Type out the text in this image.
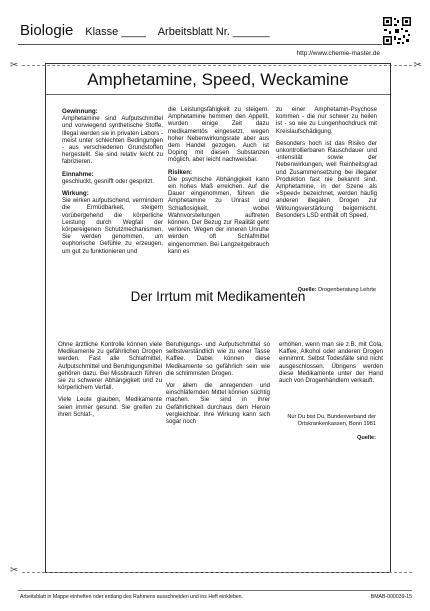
Biologie Klasse ____ Arbeitsblatt Nr. ______
http://www.chemie-master.de
✂	✂
Amphetamine, Speed, Weckamine
Gewinnung:

Amphetamine sind Aufputschmittel und vorwiegend synthetische Stoffe. Illegal werden sie in privaten Labors - meist unter schlechten Bedingungen - aus verschiedenen Grundstoffen hergestellt. Sie sind relativ leicht zu fabrizieren.

Einnahme:

geschluckt, gesnifft oder gespritzt.

Wirkung:

Sie wirken aufputschend, vermindern die Ermüdbarkeit, steigern vorübergehend die körperliche Leistung durch Wegfall der körpereigenen Schutzmechanismen. Sie werden genommen, um euphorische Gefühle zu erzeugen, um gut zu funktionieren und

die Leistungsfähigkeit zu steigern. Amphetamine hemmen den Appetit, wurden einige Zeit dazu medikamentös eingesetzt, wegen hoher Nebenwirkungsrate aber aus dem Handel gezogen. Auch ist Doping mit diesen Substanzen möglich, aber leicht nachweisbar.

Risiken:

Die psychische Abhängigkeit kann ein hohes Maß erreichen. Auf die Dauer eingenommen, führen die Amphetamine zu Unrast und Schlaflosigkeit, wobei Wahnvorstellungen auftreten können. Der Bezug zur Realität geht verloren. Wegen der inneren Unruhe werden oft Schlafmittel eingenommen. Bei Langzeitgebrauch kann es

zu einer Amphetamin-Psychose kommen - die nur schwer zu heilen ist - so wie zu Lungenhochdruck mit Kreislaufschädigung.

Besonders hoch ist das Risiko der unkontrollierbaren Rauschdauer und -intensität sowie der Nebenwirkungen, weil Reinheitsgrad und Zusammensetzung bei illegaler Produktion fast nie bekannt sind. Amphetamine, in der Szene als »Speed« bezeichnet, werden häufig anderen illegalen Drogen zur Wirkungsverstärkung beigemischt. Besonders LSD enthält oft Speed.

Quelle: Drogenberatung Lehrte
Der Irrtum mit Medikamenten

Ohne ärztliche Kontrolle können viele Medikamente zu gefährlichen Drogen werden. Fast alle Schlafmittel, Aufputschmittel und Beruhigungsmittel gehören dazu. Bei Missbrauch führen sie zu schwerer Abhängigkeit und zu körperlichem Verfall.

Viele Leute glauben, Medikamente seien immer gesund. Sie greifen zu ihren Schlaf-,

Beruhigungs- und Aufputschmittel so selbstverständlich wie zu einer Tasse Kaffee. Dabei können diese Medikamente so gefährlich sein wie die schlimmsten Drogen.

Vor allem die anregenden und einschläfernden Mittel können süchtig machen. Sie sind in ihrer Gefährlichkeit durchaus dem Heroin vergleichbar. Ihre Wirkung kann sich sogar noch

erhöhen, wenn man sie z.B. mit Cola, Kaffee, Alkohol oder anderen Drogen einnimmt. Selbst Todesfälle sind nicht ausgeschlossen. Übrigens werden diese Medikamente unter der Hand auch von Drogenhändlern verkauft.

Quelle:
Nur Du bist Du, Bundesverband der Ortskrankenkassen, Bonn 1981
✂
Arbeitsblatt in Mappe einheften oder entlang des Rahmens ausschneiden und ins Heft einkleben.	BMAB-000039-15
